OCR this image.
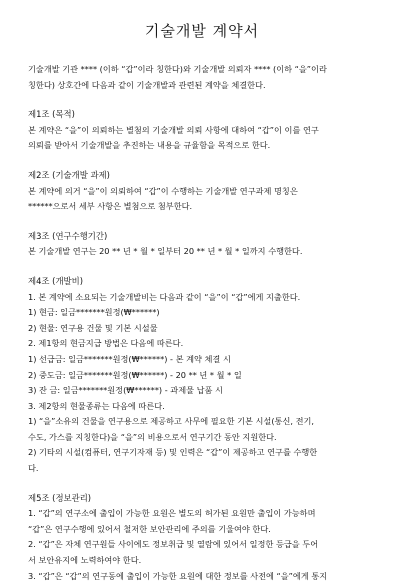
기술개발 계약서

기술개발 기관 **** (이하 “갑”이라 칭한다)와 기술개발 의뢰자 **** (이하 “을”이라

칭한다) 상호간에 다음과 같이 기술개발과 관련된 계약을 체결한다.

제1조 (목적)

본 계약은 “을”이 의뢰하는 별첨의 기술개발 의뢰 사항에 대하여 “갑”이 이를 연구

의뢰를 받아서 기술개발을 추진하는 내용을 규율함을 목적으로 한다.

제2조 (기술개발 과제)

본 계약에 의거 “을”이 의뢰하여 “갑”이 수행하는 기술개발 연구과제 명칭은

******으로서 세부 사항은 별첨으로 첨부한다.

제3조 (연구수행기간)

본 기술개발 연구는 20 ** 년 * 월 * 일부터 20 ** 년 * 월 * 일까지 수행한다.

제4조 (개발비)

1. 본 계약에 소요되는 기술개발비는 다음과 같이 “을”이 “갑”에게 지출한다.

1) 현금: 일금*******원정(₩******)

2) 현물: 연구용 건물 및 기본 시설물

2. 제1항의 현금지급 방법은 다음에 따른다.

1) 선급금: 일금*******원정(₩******) - 본 계약 체결 시

2) 중도금: 일금*******원정(₩******) - 20 ** 년 * 월 * 일

3) 잔 금: 일금*******원정(₩******) - 과제물 납품 시

3. 제2항의 현물종류는 다음에 따른다.

1) “을”소유의 건물을 연구용으로 제공하고 사무에 필요한 기본 시설(통신, 전기,

수도, 가스를 지칭한다)을 “을”의 비용으로서 연구기간 동안 지원한다.

2) 기타의 시설(컴퓨터, 연구기자재 등) 및 인력은 “갑”이 제공하고 연구를 수행한

다.

제5조 (정보관리)

1. “갑”의 연구소에 출입이 가능한 요원은 별도의 허가된 요원만 출입이 가능하며

“갑”은 연구수행에 있어서 철저한 보안관리에 주의를 기울여야 한다.

2. “갑”은 자체 연구원들 사이에도 정보취급 및 열람에 있어서 일정한 등급을 두어

서 보안유지에 노력하여야 한다.

3. “갑”은 “갑”의 연구동에 출입이 가능한 요원에 대한 정보를 사전에 “을”에게 통지
